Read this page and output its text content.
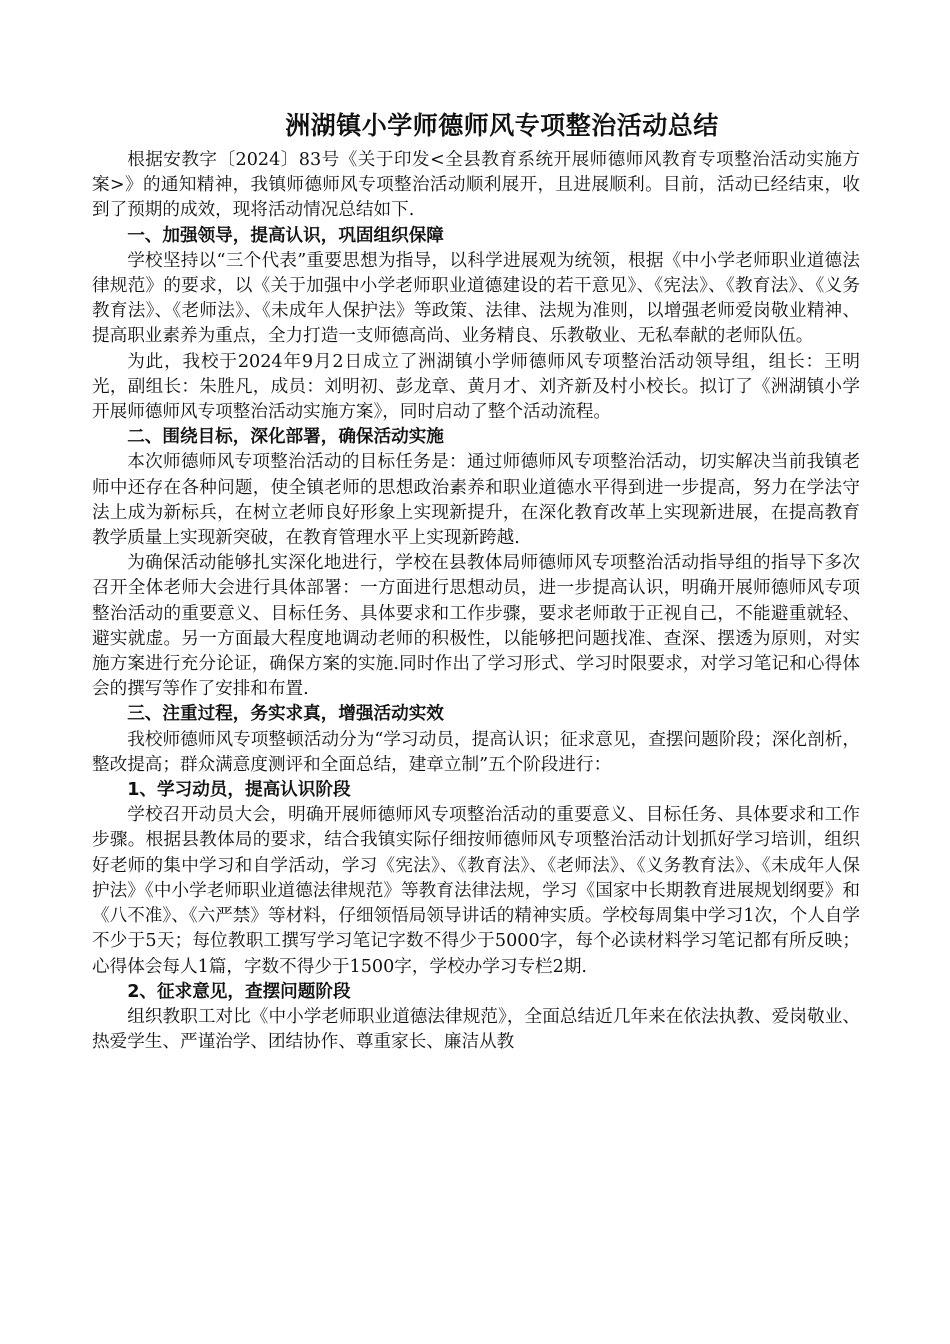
洲湖镇小学师德师风专项整治活动总结

根据安教字〔2024〕83号《关于印发<全县教育系统开展师德师风教育专项整治活动实施方案>》的通知精神，我镇师德师风专项整治活动顺利展开，且进展顺利。目前，活动已经结束，收到了预期的成效，现将活动情况总结如下.

一、加强领导，提高认识，巩固组织保障

学校坚持以“三个代表”重要思想为指导，以科学进展观为统领，根据《中小学老师职业道德法律规范》的要求，以《关于加强中小学老师职业道德建设的若干意见》、《宪法》、《教育法》、《义务教育法》、《老师法》、《未成年人保护法》等政策、法律、法规为准则，以增强老师爱岗敬业精神、提高职业素养为重点，全力打造一支师德高尚、业务精良、乐教敬业、无私奉献的老师队伍。

为此，我校于2024年9月2日成立了洲湖镇小学师德师风专项整治活动领导组，组长：王明光，副组长：朱胜凡，成员：刘明初、彭龙章、黄月才、刘齐新及村小校长。拟订了《洲湖镇小学开展师德师风专项整治活动实施方案》，同时启动了整个活动流程。

二、围绕目标，深化部署，确保活动实施

本次师德师风专项整治活动的目标任务是：通过师德师风专项整治活动，切实解决当前我镇老师中还存在各种问题，使全镇老师的思想政治素养和职业道德水平得到进一步提高，努力在学法守法上成为新标兵，在树立老师良好形象上实现新提升，在深化教育改革上实现新进展，在提高教育教学质量上实现新突破，在教育管理水平上实现新跨越.

为确保活动能够扎实深化地进行，学校在县教体局师德师风专项整治活动指导组的指导下多次召开全体老师大会进行具体部署：一方面进行思想动员，进一步提高认识，明确开展师德师风专项整治活动的重要意义、目标任务、具体要求和工作步骤，要求老师敢于正视自己，不能避重就轻、避实就虚。另一方面最大程度地调动老师的积极性，以能够把问题找准、查深、摆透为原则，对实施方案进行充分论证，确保方案的实施.同时作出了学习形式、学习时限要求，对学习笔记和心得体会的撰写等作了安排和布置.

三、注重过程，务实求真，增强活动实效

我校师德师风专项整顿活动分为“学习动员，提高认识；征求意见，查摆问题阶段；深化剖析，整改提高；群众满意度测评和全面总结，建章立制”五个阶段进行：

1、学习动员，提高认识阶段

学校召开动员大会，明确开展师德师风专项整治活动的重要意义、目标任务、具体要求和工作步骤。根据县教体局的要求，结合我镇实际仔细按师德师风专项整治活动计划抓好学习培训，组织好老师的集中学习和自学活动，学习《宪法》、《教育法》、《老师法》、《义务教育法》、《未成年人保护法》《中小学老师职业道德法律规范》等教育法律法规，学习《国家中长期教育进展规划纲要》和《八不准》、《六严禁》等材料，仔细领悟局领导讲话的精神实质。学校每周集中学习1次，个人自学不少于5天；每位教职工撰写学习笔记字数不得少于5000字，每个必读材料学习笔记都有所反映；心得体会每人1篇，字数不得少于1500字，学校办学习专栏2期.

2、征求意见，查摆问题阶段

组织教职工对比《中小学老师职业道德法律规范》，全面总结近几年来在依法执教、爱岗敬业、热爱学生、严谨治学、团结协作、尊重家长、廉洁从教
